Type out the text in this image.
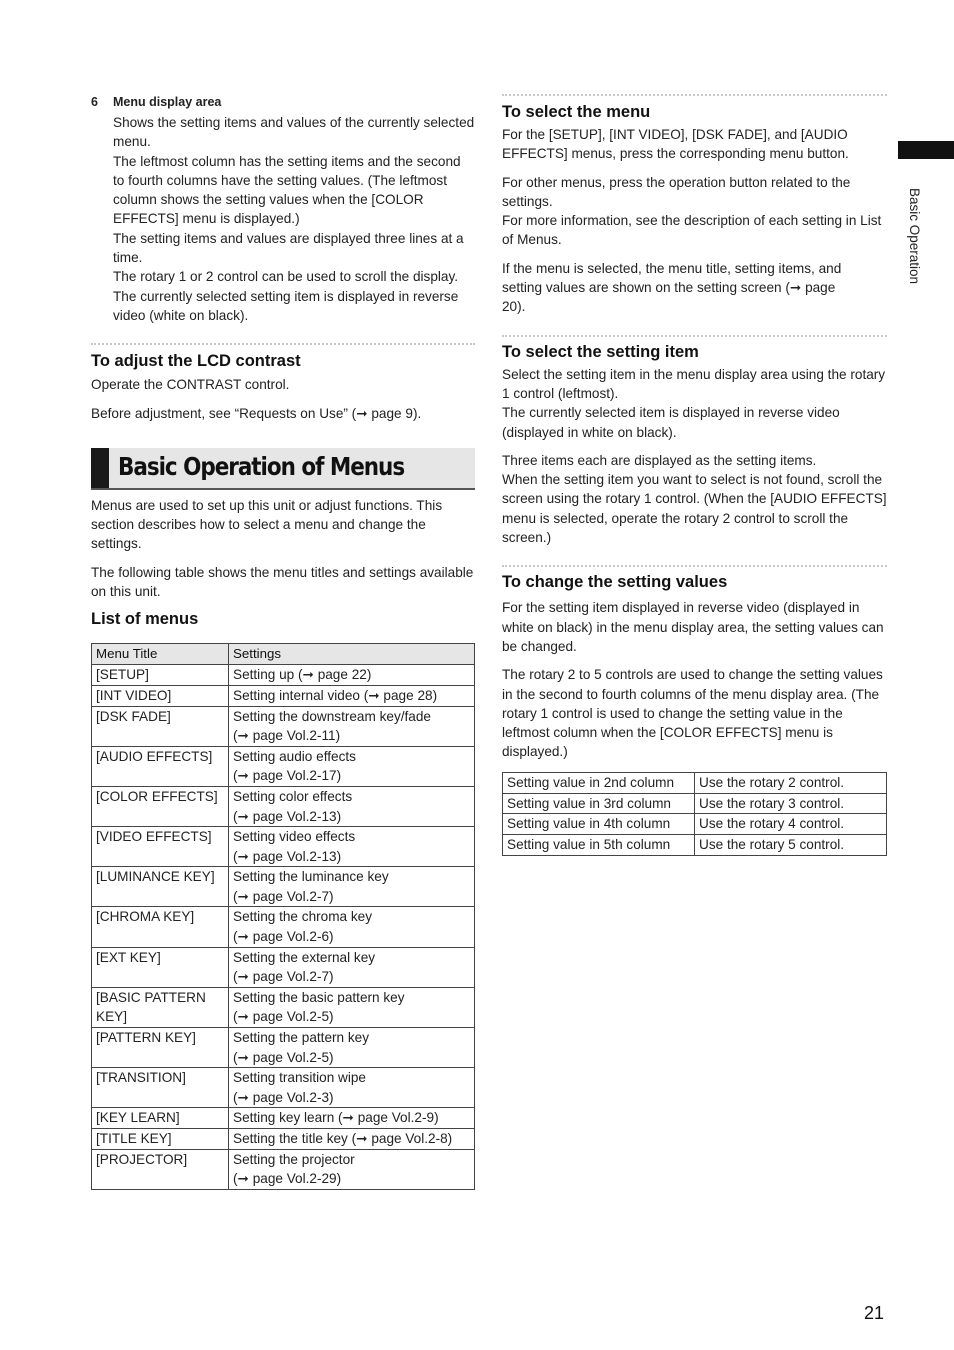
Basic Operation
6 Menu display area

Shows the setting items and values of the currently selected menu.

The leftmost column has the setting items and the second to fourth columns have the setting values. (The leftmost column shows the setting values when the [COLOR EFFECTS] menu is displayed.)

The setting items and values are displayed three lines at a time.

The rotary 1 or 2 control can be used to scroll the display.

The currently selected setting item is displayed in reverse video (white on black).

To adjust the LCD contrast

Operate the CONTRAST control.

Before adjustment, see “Requests on Use” (➞ page 9).

Basic Operation of Menus

Menus are used to set up this unit or adjust functions. This section describes how to select a menu and change the settings.

The following table shows the menu titles and settings available on this unit.

List of menus
Menu Title	Settings
[SETUP]	Setting up (➞ page 22)
[INT VIDEO]	Setting internal video (➞ page 28)
[DSK FADE]	Setting the downstream key/fade
(➞ page Vol.2-11)
[AUDIO EFFECTS]	Setting audio effects
(➞ page Vol.2-17)
[COLOR EFFECTS]	Setting color effects
(➞ page Vol.2-13)
[VIDEO EFFECTS]	Setting video effects
(➞ page Vol.2-13)
[LUMINANCE KEY]	Setting the luminance key
(➞ page Vol.2-7)
[CHROMA KEY]	Setting the chroma key
(➞ page Vol.2-6)
[EXT KEY]	Setting the external key
(➞ page Vol.2-7)
[BASIC PATTERN KEY]	Setting the basic pattern key
(➞ page Vol.2-5)
[PATTERN KEY]	Setting the pattern key
(➞ page Vol.2-5)
[TRANSITION]	Setting transition wipe
(➞ page Vol.2-3)
[KEY LEARN]	Setting key learn (➞ page Vol.2-9)
[TITLE KEY]	Setting the title key (➞ page Vol.2-8)
[PROJECTOR]	Setting the projector
(➞ page Vol.2-29)
To select the menu

For the [SETUP], [INT VIDEO], [DSK FADE], and [AUDIO EFFECTS] menus, press the corresponding menu button.

For other menus, press the operation button related to the settings.

For more information, see the description of each setting in List of Menus.

If the menu is selected, the menu title, setting items, and setting values are shown on the setting screen (➞ page 20).

To select the setting item

Select the setting item in the menu display area using the rotary 1 control (leftmost).

The currently selected item is displayed in reverse video (displayed in white on black).

Three items each are displayed as the setting items.

When the setting item you want to select is not found, scroll the screen using the rotary 1 control. (When the [AUDIO EFFECTS] menu is selected, operate the rotary 2 control to scroll the screen.)

To change the setting values

For the setting item displayed in reverse video (displayed in white on black) in the menu display area, the setting values can be changed.

The rotary 2 to 5 controls are used to change the setting values in the second to fourth columns of the menu display area. (The rotary 1 control is used to change the setting value in the leftmost column when the [COLOR EFFECTS] menu is displayed.)

Setting value in 2nd column	Use the rotary 2 control.
Setting value in 3rd column	Use the rotary 3 control.
Setting value in 4th column	Use the rotary 4 control.
Setting value in 5th column	Use the rotary 5 control.
21
